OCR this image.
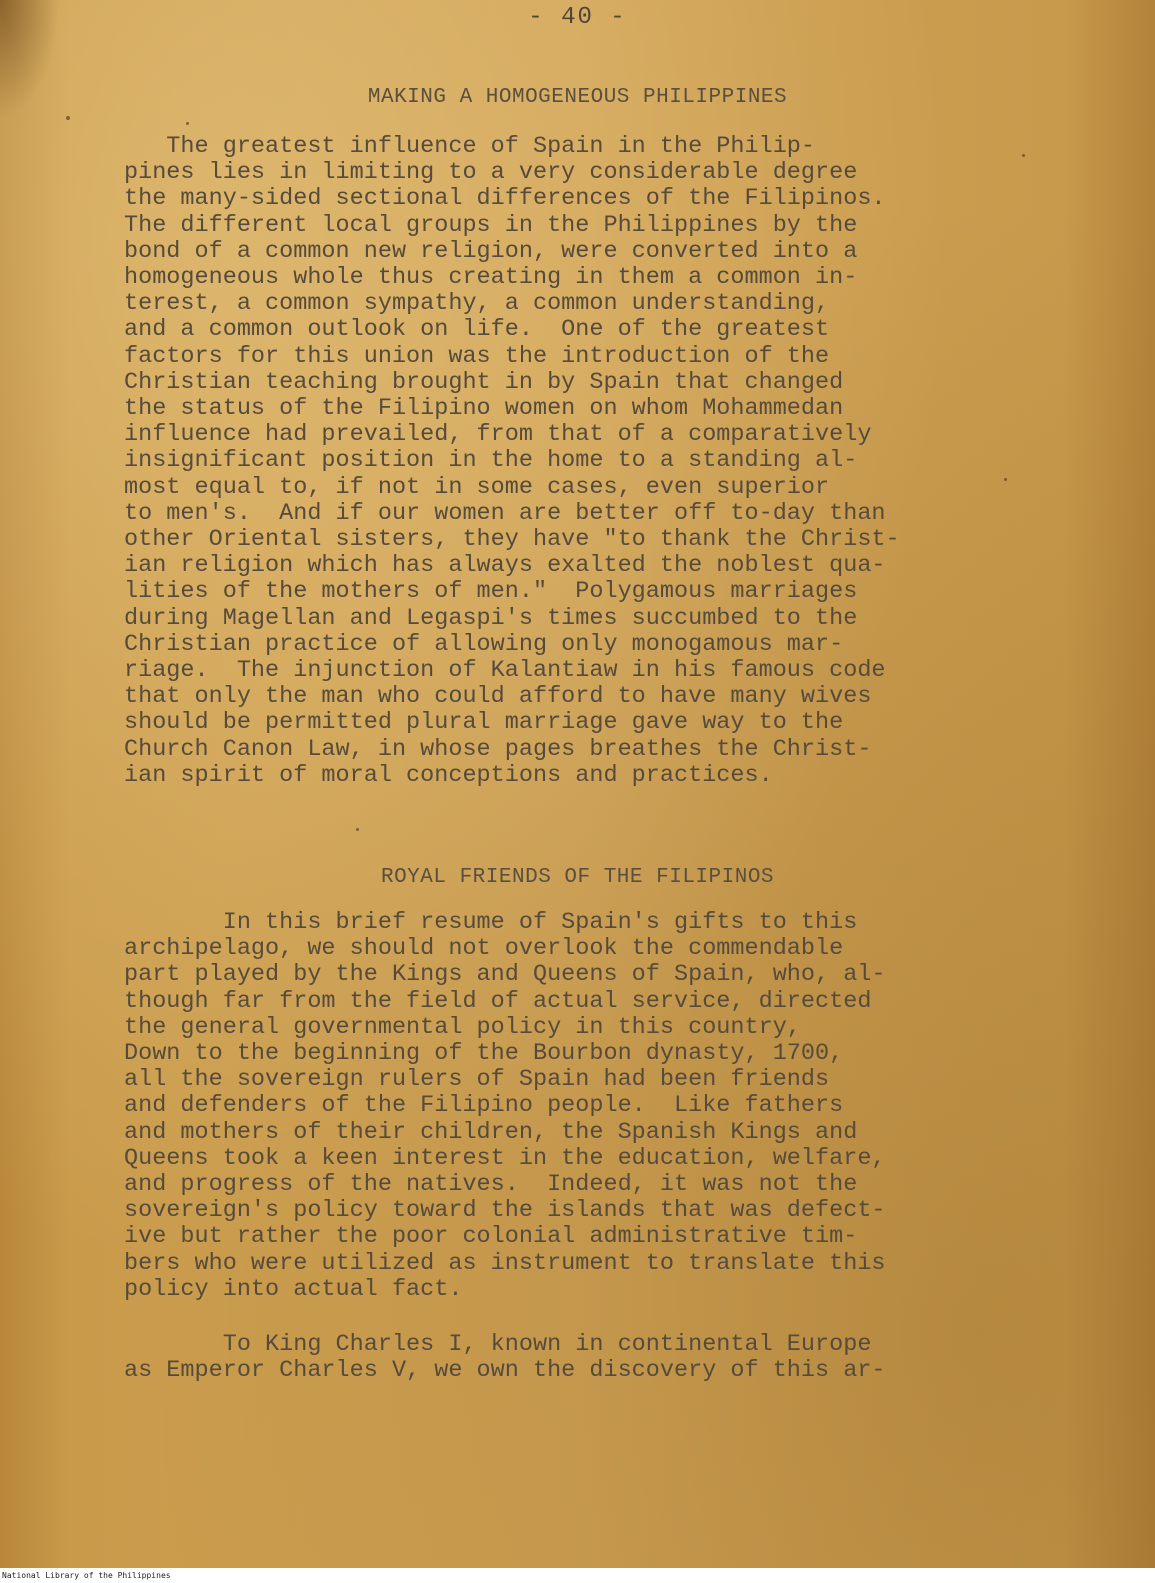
- 40 -
MAKING A HOMOGENEOUS PHILIPPINES
The greatest influence of Spain in the Philip-
pines lies in limiting to a very considerable degree
the many-sided sectional differences of the Filipinos.
The different local groups in the Philippines by the
bond of a common new religion, were converted into a
homogeneous whole thus creating in them a common in-
terest, a common sympathy, a common understanding,
and a common outlook on life.  One of the greatest
factors for this union was the introduction of the
Christian teaching brought in by Spain that changed
the status of the Filipino women on whom Mohammedan
influence had prevailed, from that of a comparatively
insignificant position in the home to a standing al-
most equal to, if not in some cases, even superior
to men's.  And if our women are better off to-day than
other Oriental sisters, they have "to thank the Christ-
ian religion which has always exalted the noblest qua-
lities of the mothers of men."  Polygamous marriages
during Magellan and Legaspi's times succumbed to the
Christian practice of allowing only monogamous mar-
riage.  The injunction of Kalantiaw in his famous code
that only the man who could afford to have many wives
should be permitted plural marriage gave way to the
Church Canon Law, in whose pages breathes the Christ-
ian spirit of moral conceptions and practices.
ROYAL FRIENDS OF THE FILIPINOS
In this brief resume of Spain's gifts to this
archipelago, we should not overlook the commendable
part played by the Kings and Queens of Spain, who, al-
though far from the field of actual service, directed
the general governmental policy in this country,
Down to the beginning of the Bourbon dynasty, 1700,
all the sovereign rulers of Spain had been friends
and defenders of the Filipino people.  Like fathers
and mothers of their children, the Spanish Kings and
Queens took a keen interest in the education, welfare,
and progress of the natives.  Indeed, it was not the
sovereign's policy toward the islands that was defect-
ive but rather the poor colonial administrative tim-
bers who were utilized as instrument to translate this
policy into actual fact.
To King Charles I, known in continental Europe
as Emperor Charles V, we own the discovery of this ar-
National Library of the Philippines
